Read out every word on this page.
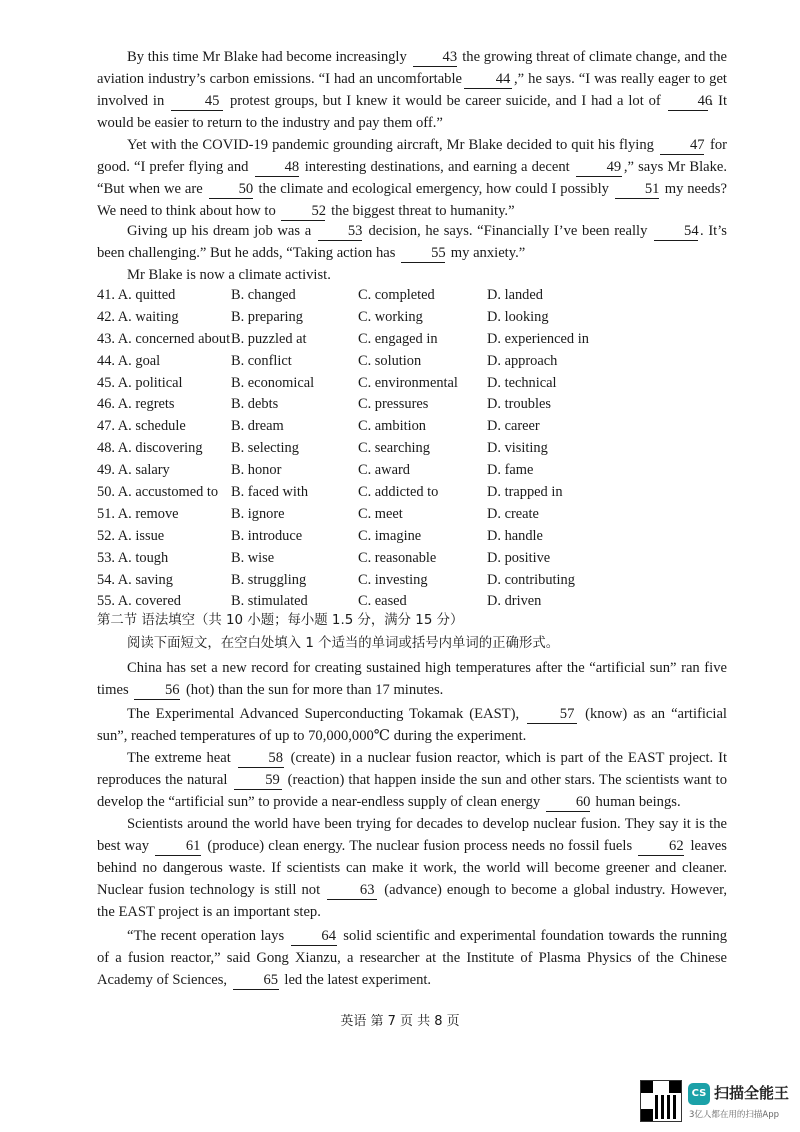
By this time Mr Blake had become increasingly 43 the growing threat of climate change, and the aviation industry’s carbon emissions. “I had an uncomfortable 44 ,” he says. “I was really eager to get involved in	45 protest groups, but I knew it would be career suicide, and I had a lot of	46. It would be easier to return to the industry and pay them off.”
Yet with the COVID-19 pandemic grounding aircraft, Mr Blake decided to quit his flying 47 for good. “I prefer flying and 48 interesting destinations, and earning a decent	49 ,” says Mr Blake. “But when we are 50 the climate and ecological emergency, how could I possibly 51 my needs? We need to think about how to 52 the biggest threat to humanity.”
Giving up his dream job was a	53 decision, he says. “Financially I’ve been really	54. It’s been challenging.” But he adds, “Taking action has 55 my anxiety.”
Mr Blake is now a climate activist.
41. A. quitted	B. changed	C. completed	D. landed
42. A. waiting	B. preparing	C. working	D. looking
43. A. concerned about B. puzzled at	C. engaged in	D. experienced in
44. A. goal	B. conflict	C. solution	D. approach
45. A. political	B. economical	C. environmental	D. technical
46. A. regrets	B. debts	C. pressures	D. troubles
47. A. schedule	B. dream	C. ambition	D. career
48. A. discovering	B. selecting	C. searching	D. visiting
49. A. salary	B. honor	C. award	D. fame
50. A. accustomed to B. faced with	C. addicted to	D. trapped in
51. A. remove	B. ignore	C. meet	D. create
52. A. issue	B. introduce	C. imagine	D. handle
53. A. tough	B. wise	C. reasonable	D. positive
54. A. saving	B. struggling	C. investing	D. contributing
55. A. covered	B. stimulated	C. eased	D. driven
第二节 语法填空（共 10 小题；每小题 1.5 分，满分 15 分）
阅读下面短文，在空白处填入 1 个适当的单词或括号内单词的正确形式。
China has set a new record for creating sustained high temperatures after the “artificial sun” ran five times 56 (hot) than the sun for more than 17 minutes.
The Experimental Advanced Superconducting Tokamak (EAST),	57 (know) as an “artificial sun”, reached temperatures of up to 70,000,000℃ during the experiment.
The extreme heat	58 (create) in a nuclear fusion reactor, which is part of the EAST project. It reproduces the natural	59 (reaction) that happen inside the sun and other stars. The scientists want to develop the “artificial sun” to provide a near-endless supply of clean energy 60 human beings.
Scientists around the world have been trying for decades to develop nuclear fusion. They say it is the best way	61 (produce) clean energy. The nuclear fusion process needs no fossil fuels	62 leaves behind no dangerous waste. If scientists can make it work, the world will become greener and cleaner. Nuclear fusion technology is still not	63 (advance) enough to become a global industry. However, the EAST project is an important step.
“The recent operation lays	64 solid scientific and experimental foundation towards the running of a fusion reactor,” said Gong Xianzu, a researcher at the Institute of Plasma Physics of the Chinese Academy of Sciences, 65 led the latest experiment.
英语 第 7 页 共 8 页
CS 扫描全能王
3亿人都在用的扫描App
